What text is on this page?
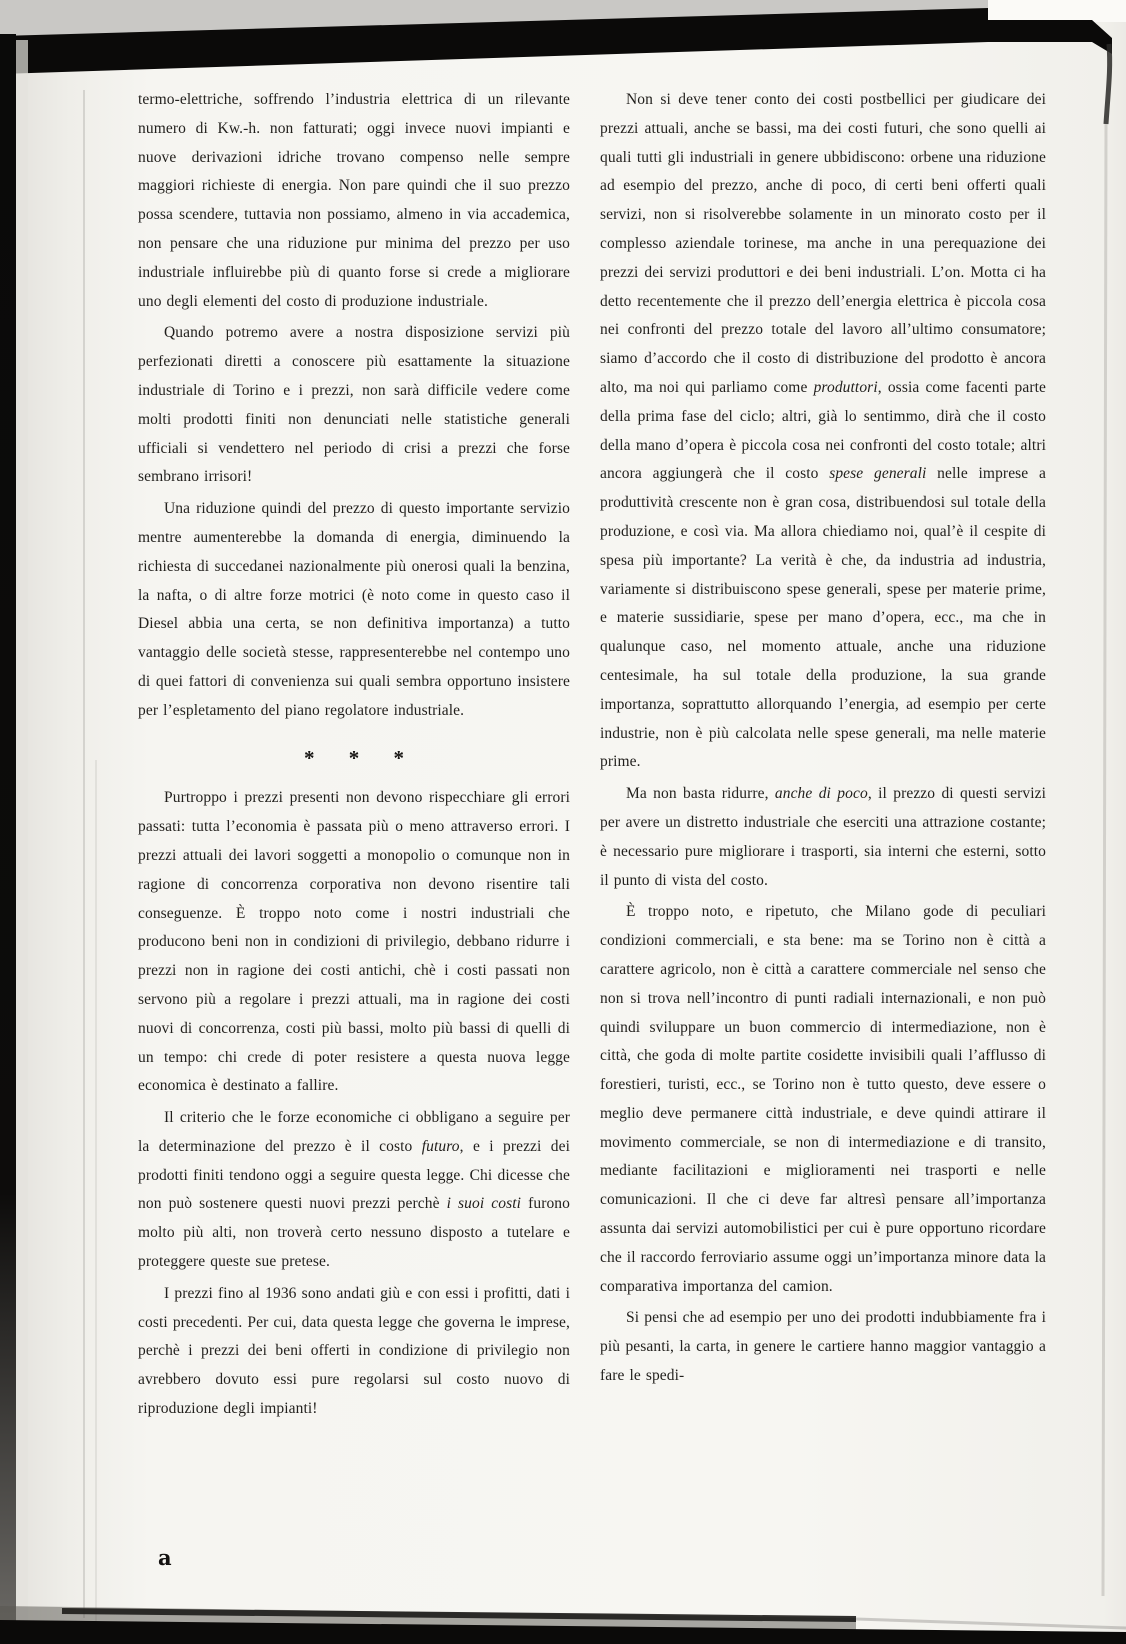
termo-elettriche, soffrendo l’industria elettrica di un rilevante numero di Kw.-h. non fatturati; oggi invece nuovi impianti e nuove derivazioni idriche trovano compenso nelle sempre maggiori richieste di energia. Non pare quindi che il suo prezzo possa scendere, tuttavia non possiamo, almeno in via accademica, non pensare che una riduzione pur minima del prezzo per uso industriale influirebbe più di quanto forse si crede a migliorare uno degli elementi del costo di produzione industriale.

Quando potremo avere a nostra disposizione servizi più perfezionati diretti a conoscere più esattamente la situazione industriale di Torino e i prezzi, non sarà difficile vedere come molti prodotti finiti non denunciati nelle statistiche generali ufficiali si vendettero nel periodo di crisi a prezzi che forse sembrano irrisori!

Una riduzione quindi del prezzo di questo importante servizio mentre aumenterebbe la domanda di energia, diminuendo la richiesta di succedanei nazionalmente più onerosi quali la benzina, la nafta, o di altre forze motrici (è noto come in questo caso il Diesel abbia una certa, se non definitiva importanza) a tutto vantaggio delle società stesse, rappresenterebbe nel contempo uno di quei fattori di convenienza sui quali sembra opportuno insistere per l’espletamento del piano regolatore industriale.

* * *

Purtroppo i prezzi presenti non devono rispecchiare gli errori passati: tutta l’economia è passata più o meno attraverso errori. I prezzi attuali dei lavori soggetti a monopolio o comunque non in ragione di concorrenza corporativa non devono risentire tali conseguenze. È troppo noto come i nostri industriali che producono beni non in condizioni di privilegio, debbano ridurre i prezzi non in ragione dei costi antichi, chè i costi passati non servono più a regolare i prezzi attuali, ma in ragione dei costi nuovi di concorrenza, costi più bassi, molto più bassi di quelli di un tempo: chi crede di poter resistere a questa nuova legge economica è destinato a fallire.

Il criterio che le forze economiche ci obbligano a seguire per la determinazione del prezzo è il costo futuro, e i prezzi dei prodotti finiti tendono oggi a seguire questa legge. Chi dicesse che non può sostenere questi nuovi prezzi perchè i suoi costi furono molto più alti, non troverà certo nessuno disposto a tutelare e proteggere queste sue pretese.

I prezzi fino al 1936 sono andati giù e con essi i profitti, dati i costi precedenti. Per cui, data questa legge che governa le imprese, perchè i prezzi dei beni offerti in condizione di privilegio non avrebbero dovuto essi pure regolarsi sul costo nuovo di riproduzione degli impianti!

Non si deve tener conto dei costi postbellici per giudicare dei prezzi attuali, anche se bassi, ma dei costi futuri, che sono quelli ai quali tutti gli industriali in genere ubbidiscono: orbene una riduzione ad esempio del prezzo, anche di poco, di certi beni offerti quali servizi, non si risolverebbe solamente in un minorato costo per il complesso aziendale torinese, ma anche in una perequazione dei prezzi dei servizi produttori e dei beni industriali. L’on. Motta ci ha detto recentemente che il prezzo dell’energia elettrica è piccola cosa nei confronti del prezzo totale del lavoro all’ultimo consumatore; siamo d’accordo che il costo di distribuzione del prodotto è ancora alto, ma noi qui parliamo come produttori, ossia come facenti parte della prima fase del ciclo; altri, già lo sentimmo, dirà che il costo della mano d’opera è piccola cosa nei confronti del costo totale; altri ancora aggiungerà che il costo spese generali nelle imprese a produttività crescente non è gran cosa, distribuendosi sul totale della produzione, e così via. Ma allora chiediamo noi, qual’è il cespite di spesa più importante? La verità è che, da industria ad industria, variamente si distribuiscono spese generali, spese per materie prime, e materie sussidiarie, spese per mano d’opera, ecc., ma che in qualunque caso, nel momento attuale, anche una riduzione centesimale, ha sul totale della produzione, la sua grande importanza, soprattutto allorquando l’energia, ad esempio per certe industrie, non è più calcolata nelle spese generali, ma nelle materie prime.

Ma non basta ridurre, anche di poco, il prezzo di questi servizi per avere un distretto industriale che eserciti una attrazione costante; è necessario pure migliorare i trasporti, sia interni che esterni, sotto il punto di vista del costo.

È troppo noto, e ripetuto, che Milano gode di peculiari condizioni commerciali, e sta bene: ma se Torino non è città a carattere agricolo, non è città a carattere commerciale nel senso che non si trova nell’incontro di punti radiali internazionali, e non può quindi sviluppare un buon commercio di intermediazione, non è città, che goda di molte partite cosidette invisibili quali l’afflusso di forestieri, turisti, ecc., se Torino non è tutto questo, deve essere o meglio deve permanere città industriale, e deve quindi attirare il movimento commerciale, se non di intermediazione e di transito, mediante facilitazioni e miglioramenti nei trasporti e nelle comunicazioni. Il che ci deve far altresì pensare all’importanza assunta dai servizi automobilistici per cui è pure opportuno ricordare che il raccordo ferroviario assume oggi un’importanza minore data la comparativa importanza del camion.

Si pensi che ad esempio per uno dei prodotti indubbiamente fra i più pesanti, la carta, in genere le cartiere hanno maggior vantaggio a fare le spedi-

a
